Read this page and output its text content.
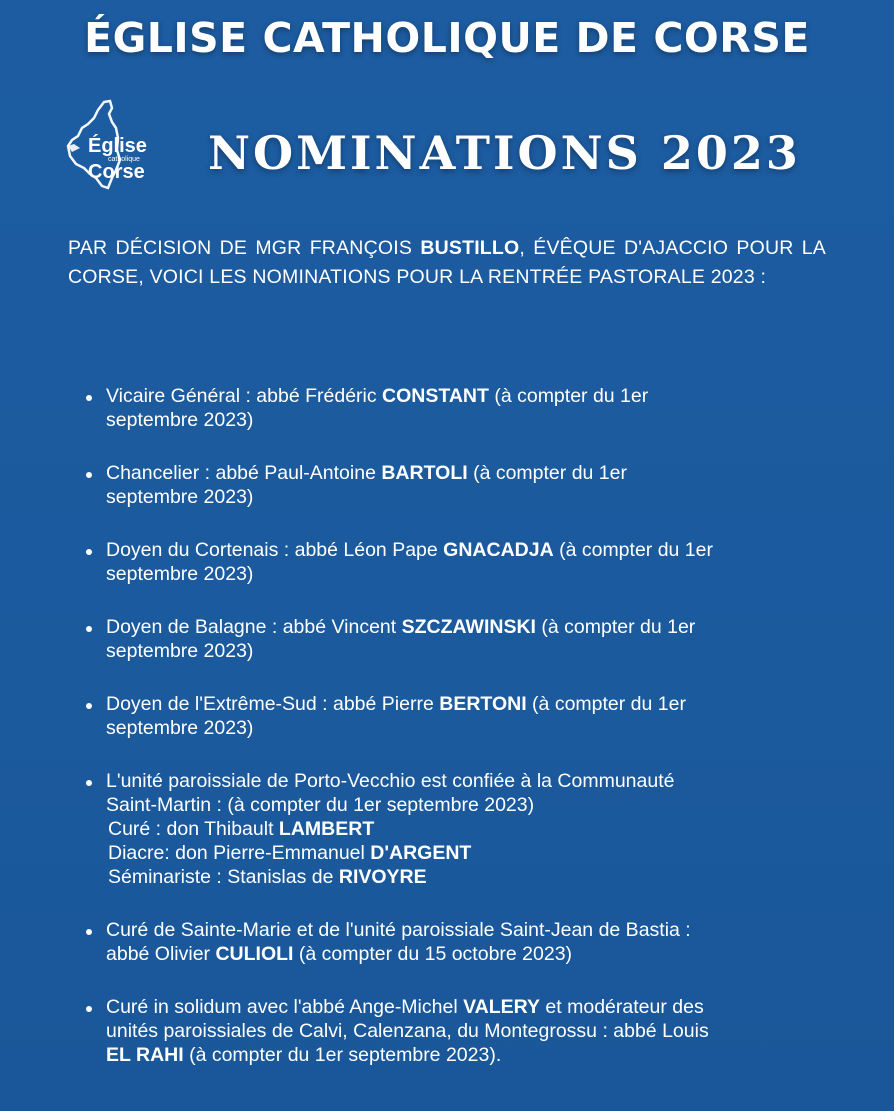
ÉGLISE CATHOLIQUE DE CORSE
Église
catholique
Corse NOMINATIONS 2023
PAR DÉCISION DE MGR FRANÇOIS BUSTILLO, ÉVÊQUE D'AJACCIO POUR LA CORSE, VOICI LES NOMINATIONS POUR LA RENTRÉE PASTORALE 2023 :
Vicaire Général : abbé Frédéric CONSTANT (à compter du 1er
septembre 2023)
Chancelier : abbé Paul-Antoine BARTOLI (à compter du 1er
septembre 2023)
Doyen du Cortenais : abbé Léon Pape GNACADJA (à compter du 1er
septembre 2023)
Doyen de Balagne : abbé Vincent SZCZAWINSKI (à compter du 1er
septembre 2023)
Doyen de l'Extrême-Sud : abbé Pierre BERTONI (à compter du 1er
septembre 2023)
L'unité paroissiale de Porto-Vecchio est confiée à la Communauté
Saint-Martin : (à compter du 1er septembre 2023)
Curé : don Thibault LAMBERT
Diacre: don Pierre-Emmanuel D'ARGENT
Séminariste : Stanislas de RIVOYRE
Curé de Sainte-Marie et de l'unité paroissiale Saint-Jean de Bastia :
abbé Olivier CULIOLI (à compter du 15 octobre 2023)
Curé in solidum avec l'abbé Ange-Michel VALERY et modérateur des
unités paroissiales de Calvi, Calenzana, du Montegrossu : abbé Louis
EL RAHI (à compter du 1er septembre 2023).
